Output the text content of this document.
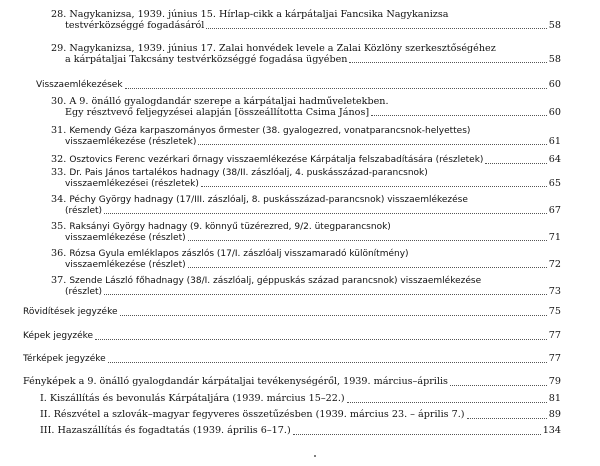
28.
Nagykanizsa, 1939. június 15. Hírlap-cikk a kárpátaljai Fancsika Nagykanizsa
testvérközséggé fogadásáról	58
29.
Nagykanizsa, 1939. június 17. Zalai honvédek levele a Zalai Közlöny szerkesztőségéhez
a kárpátaljai Takcsány testvérközséggé fogadása ügyében	58
Visszaemlékezések	60
30.
A 9. önálló gyalogdandár szerepe a kárpátaljai hadműveletekben.
Egy résztvevő feljegyzései alapján [összeállította Csima János]	60
31.
Kemendy Géza karpaszományos őrmester (38. gyalogezred, vonatparancsnok-helyettes)
visszaemlékezése (részletek)	61
32.
Osztovics Ferenc vezérkari őrnagy visszaemlékezése Kárpátalja felszabadítására (részletek)	64
33.
Dr. Pais János tartalékos hadnagy (38/II. zászlóalj, 4. puskásszázad-parancsnok)
visszaemlékezései (részletek)	65
34.
Péchy György hadnagy (17/III. zászlóalj, 8. puskásszázad-parancsnok) visszaemlékezése
(részlet)	67
35.
Raksányi György hadnagy (9. könnyű tüzérezred, 9/2. ütegparancsnok)
visszaemlékezése (részlet)	71
36.
Rózsa Gyula emléklapos zászlós (17/I. zászlóalj visszamaradó különítmény)
visszaemlékezése (részlet)	72
37.
Szende László főhadnagy (38/I. zászlóalj, géppuskás század parancsnok) visszaemlékezése
(részlet)	73
Rövidítések jegyzéke	75
Képek jegyzéke	77
Térképek jegyzéke	77
Fényképek a 9. önálló gyalogdandár kárpátaljai tevékenységéről, 1939. március–április	79
I.
Kiszállítás és bevonulás Kárpátaljára (1939. március 15–22.)	81
II.
Részvétel a szlovák–magyar fegyveres összetűzésben (1939. március 23. – április 7.)	89
III.
Hazaszállítás és fogadtatás (1939. április 6–17.)	134
